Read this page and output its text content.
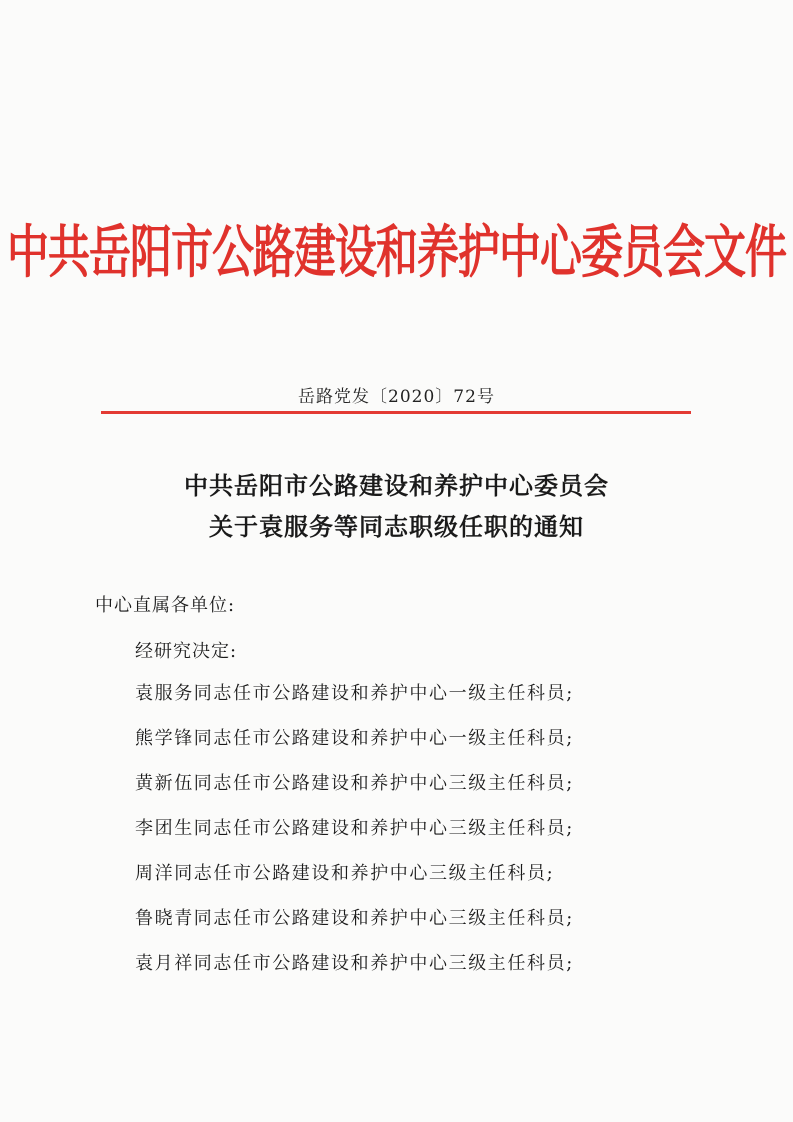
中共岳阳市公路建设和养护中心委员会文件
岳路党发〔2020〕72号
中共岳阳市公路建设和养护中心委员会
关于袁服务等同志职级任职的通知
中心直属各单位:
经研究决定:
袁服务同志任市公路建设和养护中心一级主任科员;
熊学锋同志任市公路建设和养护中心一级主任科员;
黄新伍同志任市公路建设和养护中心三级主任科员;
李团生同志任市公路建设和养护中心三级主任科员;
周洋同志任市公路建设和养护中心三级主任科员;
鲁晓青同志任市公路建设和养护中心三级主任科员;
袁月祥同志任市公路建设和养护中心三级主任科员;
